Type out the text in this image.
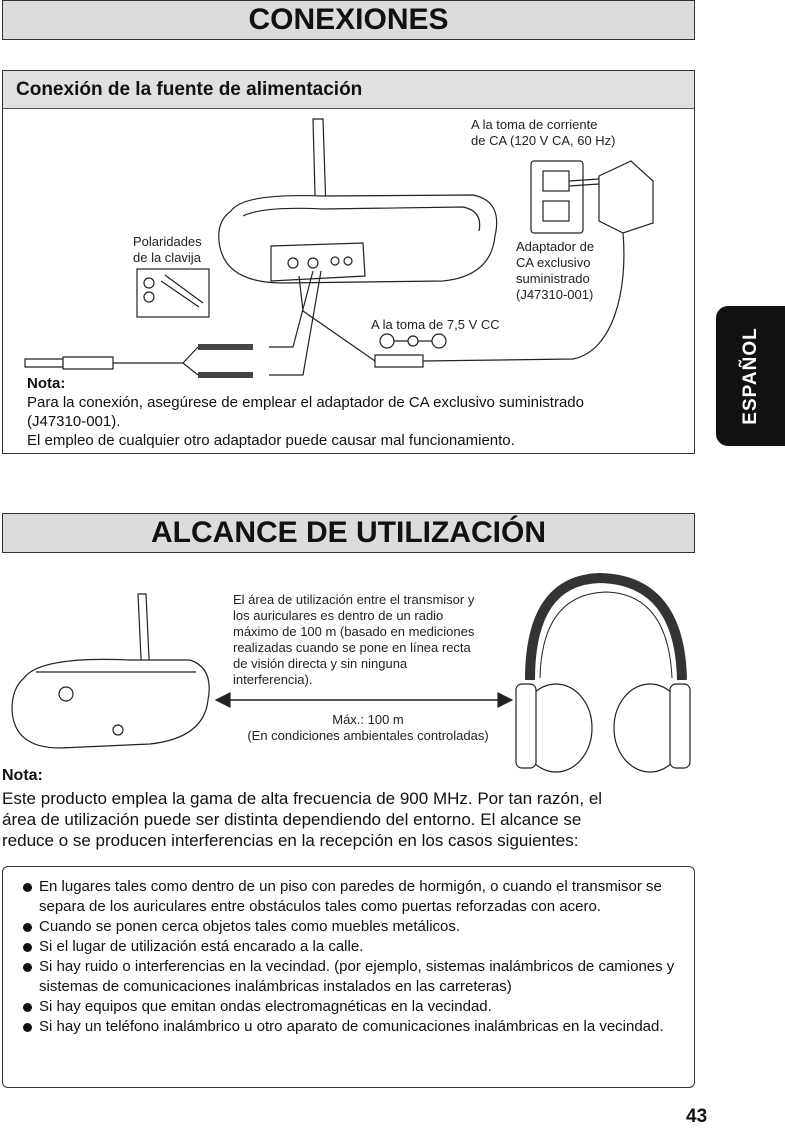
CONEXIONES
Conexión de la fuente de alimentación
A la toma de corriente
de CA (120 V CA, 60 Hz)
Polaridades
de la clavija
Adaptador de
CA exclusivo
suministrado
(J47310-001)
A la toma de 7,5 V CC
Nota:
Para la conexión, asegúrese de emplear el adaptador de CA exclusivo suministrado
(J47310-001).
El empleo de cualquier otro adaptador puede causar mal funcionamiento.
ALCANCE DE UTILIZACIÓN
El área de utilización entre el transmisor y
los auriculares es dentro de un radio
máximo de 100 m (basado en mediciones
realizadas cuando se pone en línea recta
de visión directa y sin ninguna
interferencia).
Máx.: 100 m
(En condiciones ambientales controladas)
Nota:
Este producto emplea la gama de alta frecuencia de 900 MHz. Por tan razón, el
área de utilización puede ser distinta dependiendo del entorno. El alcance se
reduce o se producen interferencias en la recepción en los casos siguientes:
En lugares tales como dentro de un piso con paredes de hormigón, o cuando el transmisor se separa de los auriculares entre obstáculos tales como puertas reforzadas con acero.
Cuando se ponen cerca objetos tales como muebles metálicos.
Si el lugar de utilización está encarado a la calle.
Si hay ruido o interferencias en la vecindad. (por ejemplo, sistemas inalámbricos de camiones y sistemas de comunicaciones inalámbricas instalados en las carreteras)
Si hay equipos que emitan ondas electromagnéticas en la vecindad.
Si hay un teléfono inalámbrico u otro aparato de comunicaciones inalámbricas en la vecindad.
ESPAÑOL
43
